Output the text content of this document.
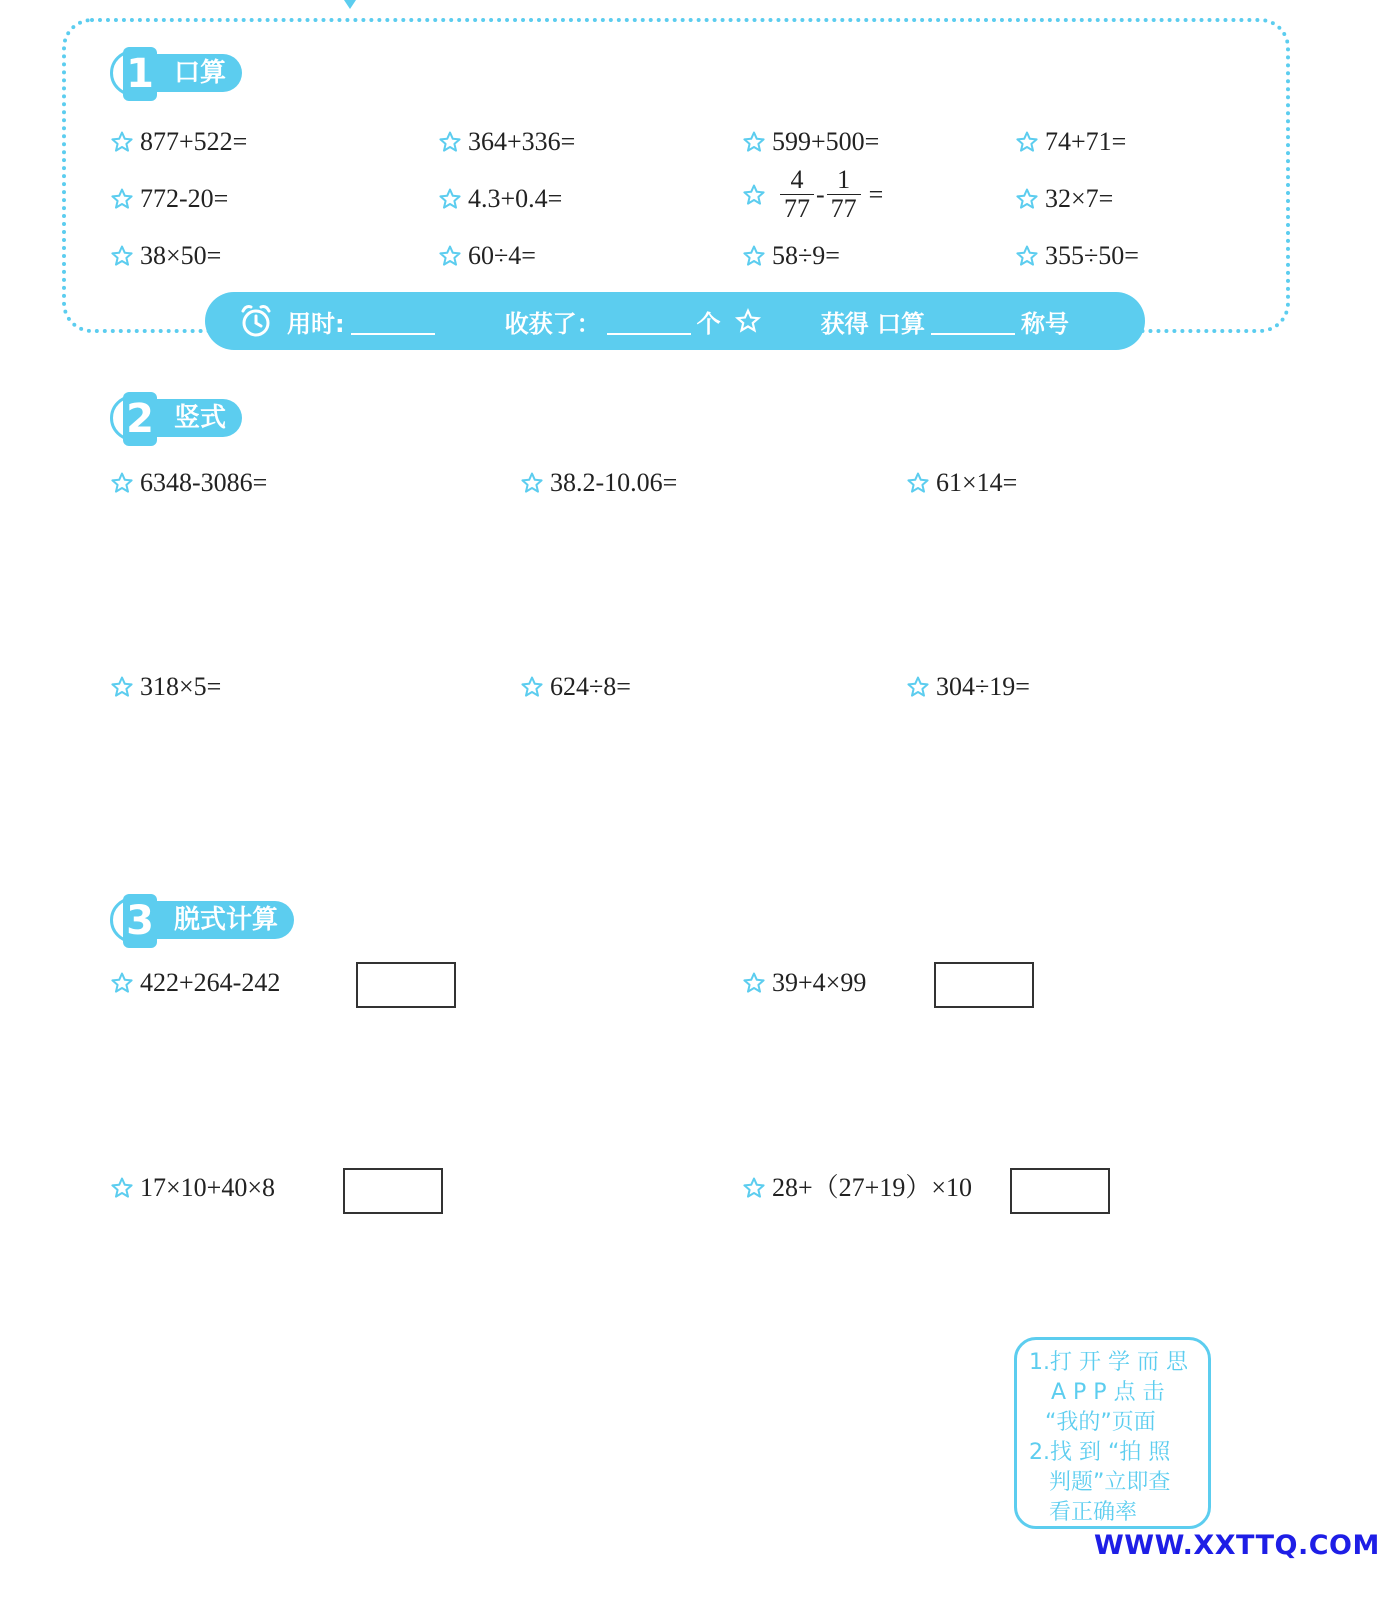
口算
1
877+522=	364+336=	599+500=	74+71=
772-20=	4.3+0.4=	$\frac{4}{77} - \frac{1}{77}$ =	32×7=
38×50=	60÷4=	58÷9=	355÷50=
用时:	收获了：	个	获得 口算	称号
竖式
2
6348-3086=	38.2-10.06=	61×14=
318×5=	624÷8=	304÷19=
脱式计算
3
422+264-242	39+4×99
17×10+40×8	28+（27+19）×10
1.打 开 学 而 思
A P P 点 击
“我的”页面
2.找 到 “拍 照
判题”立即查
看正确率
WWW.XXTTQ.COM
